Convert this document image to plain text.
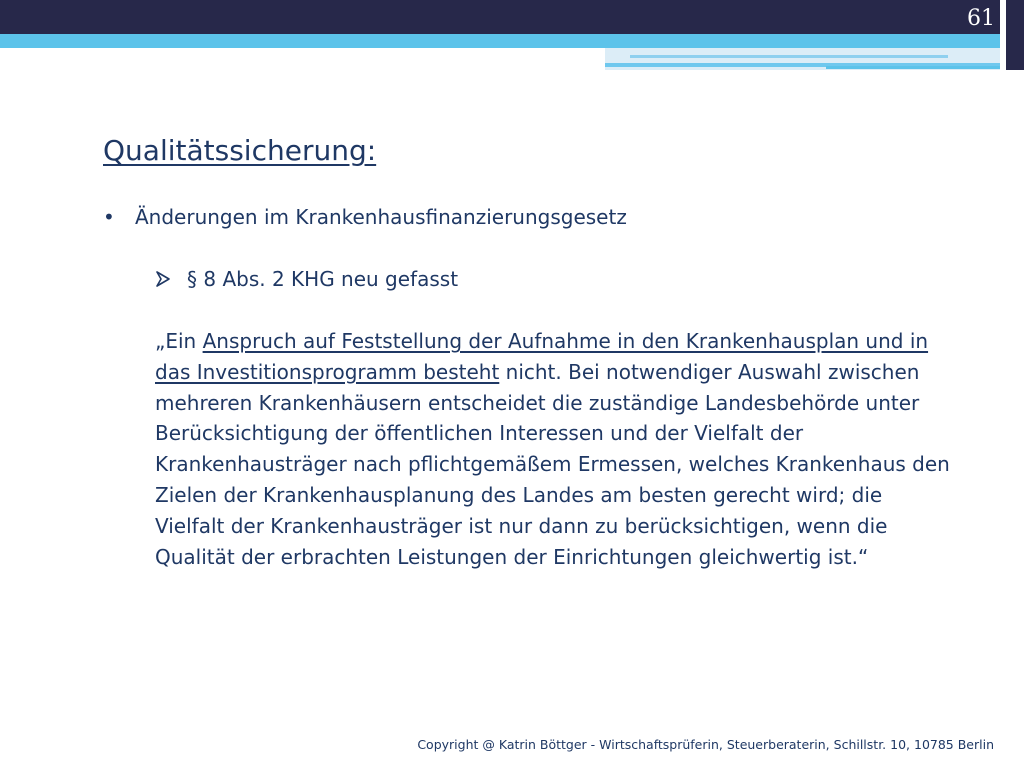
61
Qualitätssicherung:
•	Änderungen im Krankenhausfinanzierungsgesetz
§ 8 Abs. 2 KHG neu gefasst
„Ein Anspruch auf Feststellung der Aufnahme in den Krankenhausplan und in das Investitionsprogramm besteht nicht. Bei notwendiger Auswahl zwischen mehreren Krankenhäusern entscheidet die zuständige Landesbehörde unter Berücksichtigung der öffentlichen Interessen und der Vielfalt der Krankenhausträger nach pflichtgemäßem Ermessen, welches Krankenhaus den Zielen der Krankenhausplanung des Landes am besten gerecht wird; die Vielfalt der Krankenhausträger ist nur dann zu berücksichtigen, wenn die Qualität der erbrachten Leistungen der Einrichtungen gleichwertig ist.“
Copyright @ Katrin Böttger - Wirtschaftsprüferin, Steuerberaterin, Schillstr. 10, 10785 Berlin
